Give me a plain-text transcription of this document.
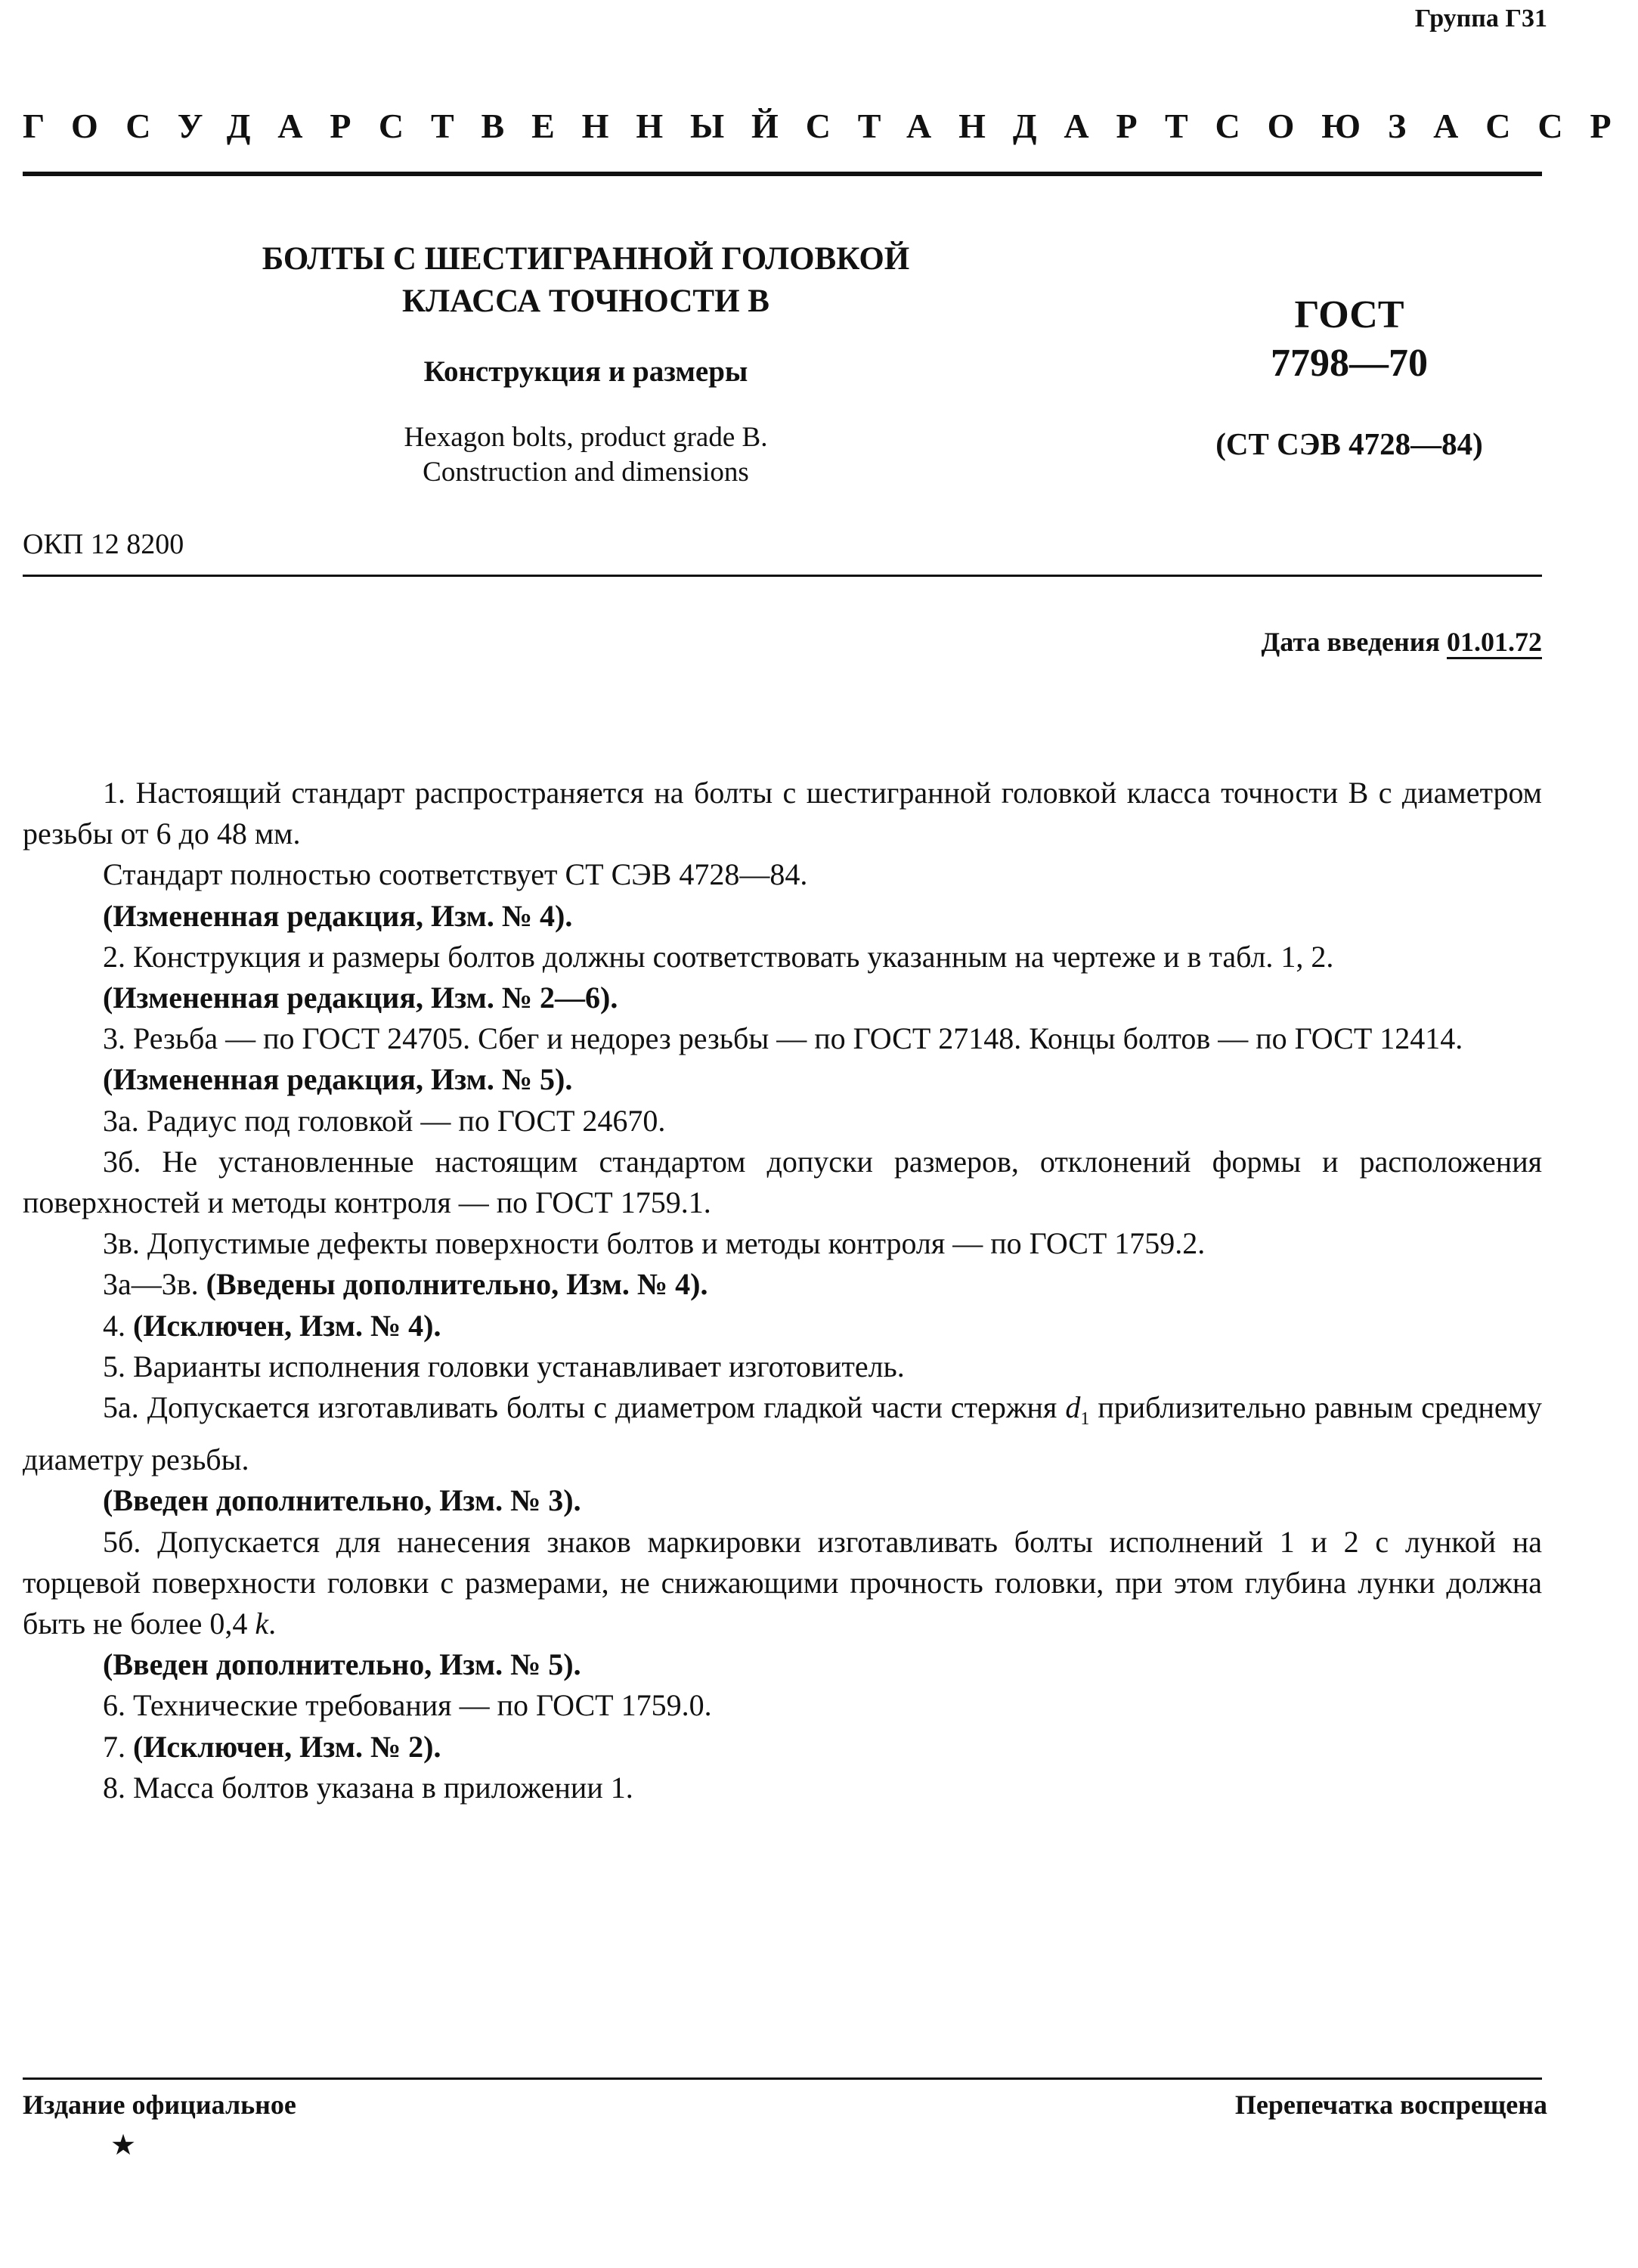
Группа Г31
ГОСУДАРСТВЕННЫЙ СТАНДАРТ СОЮЗА ССР
БОЛТЫ С ШЕСТИГРАННОЙ ГОЛОВКОЙ
КЛАССА ТОЧНОСТИ В
Конструкция и размеры
Hexagon bolts, product grade B.
Construction and dimensions
ГОСТ
7798—70
(СТ СЭВ 4728—84)
ОКП 12 8200
Дата введения 01.01.72

1. Настоящий стандарт распространяется на болты с шестигранной головкой класса точности В с диаметром резьбы от 6 до 48 мм.

Стандарт полностью соответствует СТ СЭВ 4728—84.

(Измененная редакция, Изм. № 4).

2. Конструкция и размеры болтов должны соответствовать указанным на чертеже и в табл. 1, 2.

(Измененная редакция, Изм. № 2—6).

3. Резьба — по ГОСТ 24705. Сбег и недорез резьбы — по ГОСТ 27148. Концы болтов — по ГОСТ 12414.

(Измененная редакция, Изм. № 5).

3а. Радиус под головкой — по ГОСТ 24670.

3б. Не установленные настоящим стандартом допуски размеров, отклонений формы и расположения поверхностей и методы контроля — по ГОСТ 1759.1.

3в. Допустимые дефекты поверхности болтов и методы контроля — по ГОСТ 1759.2.

3а—3в. (Введены дополнительно, Изм. № 4).

4. (Исключен, Изм. № 4).

5. Варианты исполнения головки устанавливает изготовитель.

5а. Допускается изготавливать болты с диаметром гладкой части стержня $d_1$ приблизительно равным среднему диаметру резьбы.

(Введен дополнительно, Изм. № 3).

5б. Допускается для нанесения знаков маркировки изготавливать болты исполнений 1 и 2 с лункой на торцевой поверхности головки с размерами, не снижающими прочность головки, при этом глубина лунки должна быть не более 0,4 k.

(Введен дополнительно, Изм. № 5).

6. Технические требования — по ГОСТ 1759.0.

7. (Исключен, Изм. № 2).

8. Масса болтов указана в приложении 1.

Издание официальное	Перепечатка воспрещена
★
